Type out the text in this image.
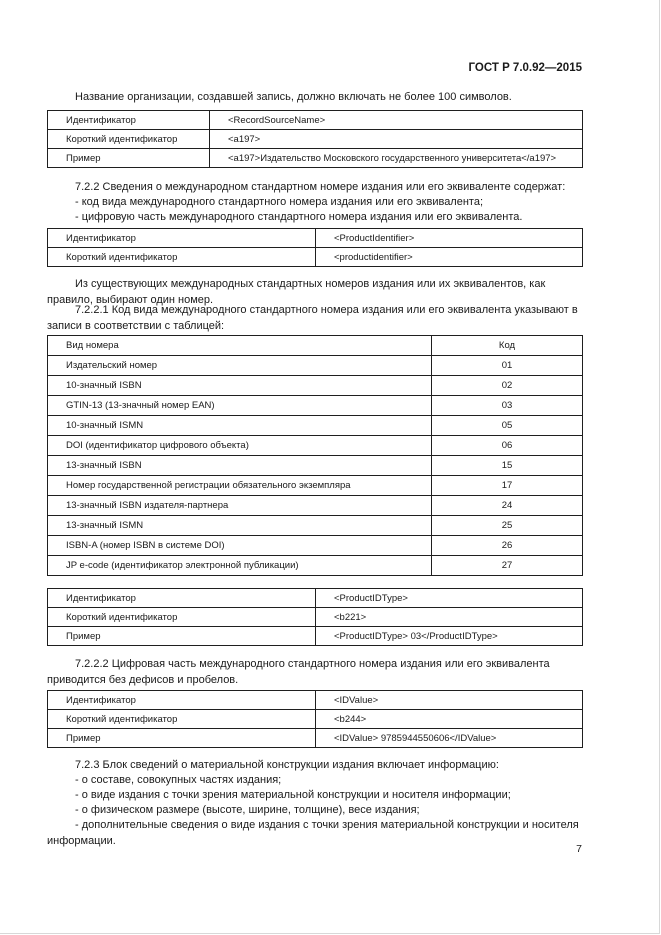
ГОСТ Р 7.0.92—2015
Название организации, создавшей запись, должно включать не более 100 символов.
Идентификатор	<RecordSourceName>
Короткий идентификатор	<a197>
Пример	<a197>Издательство Московского государственного университета</a197>
7.2.2 Сведения о международном стандартном номере издания или его эквиваленте содержат:
- код вида международного стандартного номера издания или его эквивалента;
- цифровую часть международного стандартного номера издания или его эквивалента.
Идентификатор	<ProductIdentifier>
Короткий идентификатор	<productidentifier>
Из существующих международных стандартных номеров издания или их эквивалентов, как правило, выбирают один номер.
7.2.2.1 Код вида международного стандартного номера издания или его эквивалента указывают в записи в соответствии с таблицей:
Вид номера	Код
Издательский номер	01
10-значный ISBN	02
GTIN-13 (13-значный номер EAN)	03
10-значный ISMN	05
DOI (идентификатор цифрового объекта)	06
13-значный ISBN	15
Номер государственной регистрации обязательного экземпляра	17
13-значный ISBN издателя-партнера	24
13-значный ISMN	25
ISBN-A (номер ISBN в системе DOI)	26
JP e-code (идентификатор электронной публикации)	27
Идентификатор	<ProductIDType>
Короткий идентификатор	<b221>
Пример	<ProductIDType> 03</ProductIDType>
7.2.2.2 Цифровая часть международного стандартного номера издания или его эквивалента приводится без дефисов и пробелов.
Идентификатор	<IDValue>
Короткий идентификатор	<b244>
Пример	<IDValue> 9785944550606</IDValue>
7.2.3 Блок сведений о материальной конструкции издания включает информацию:
- о составе, совокупных частях издания;
- о виде издания с точки зрения материальной конструкции и носителя информации;
- о физическом размере (высоте, ширине, толщине), весе издания;
- дополнительные сведения о виде издания с точки зрения материальной конструкции и носителя информации.
7
